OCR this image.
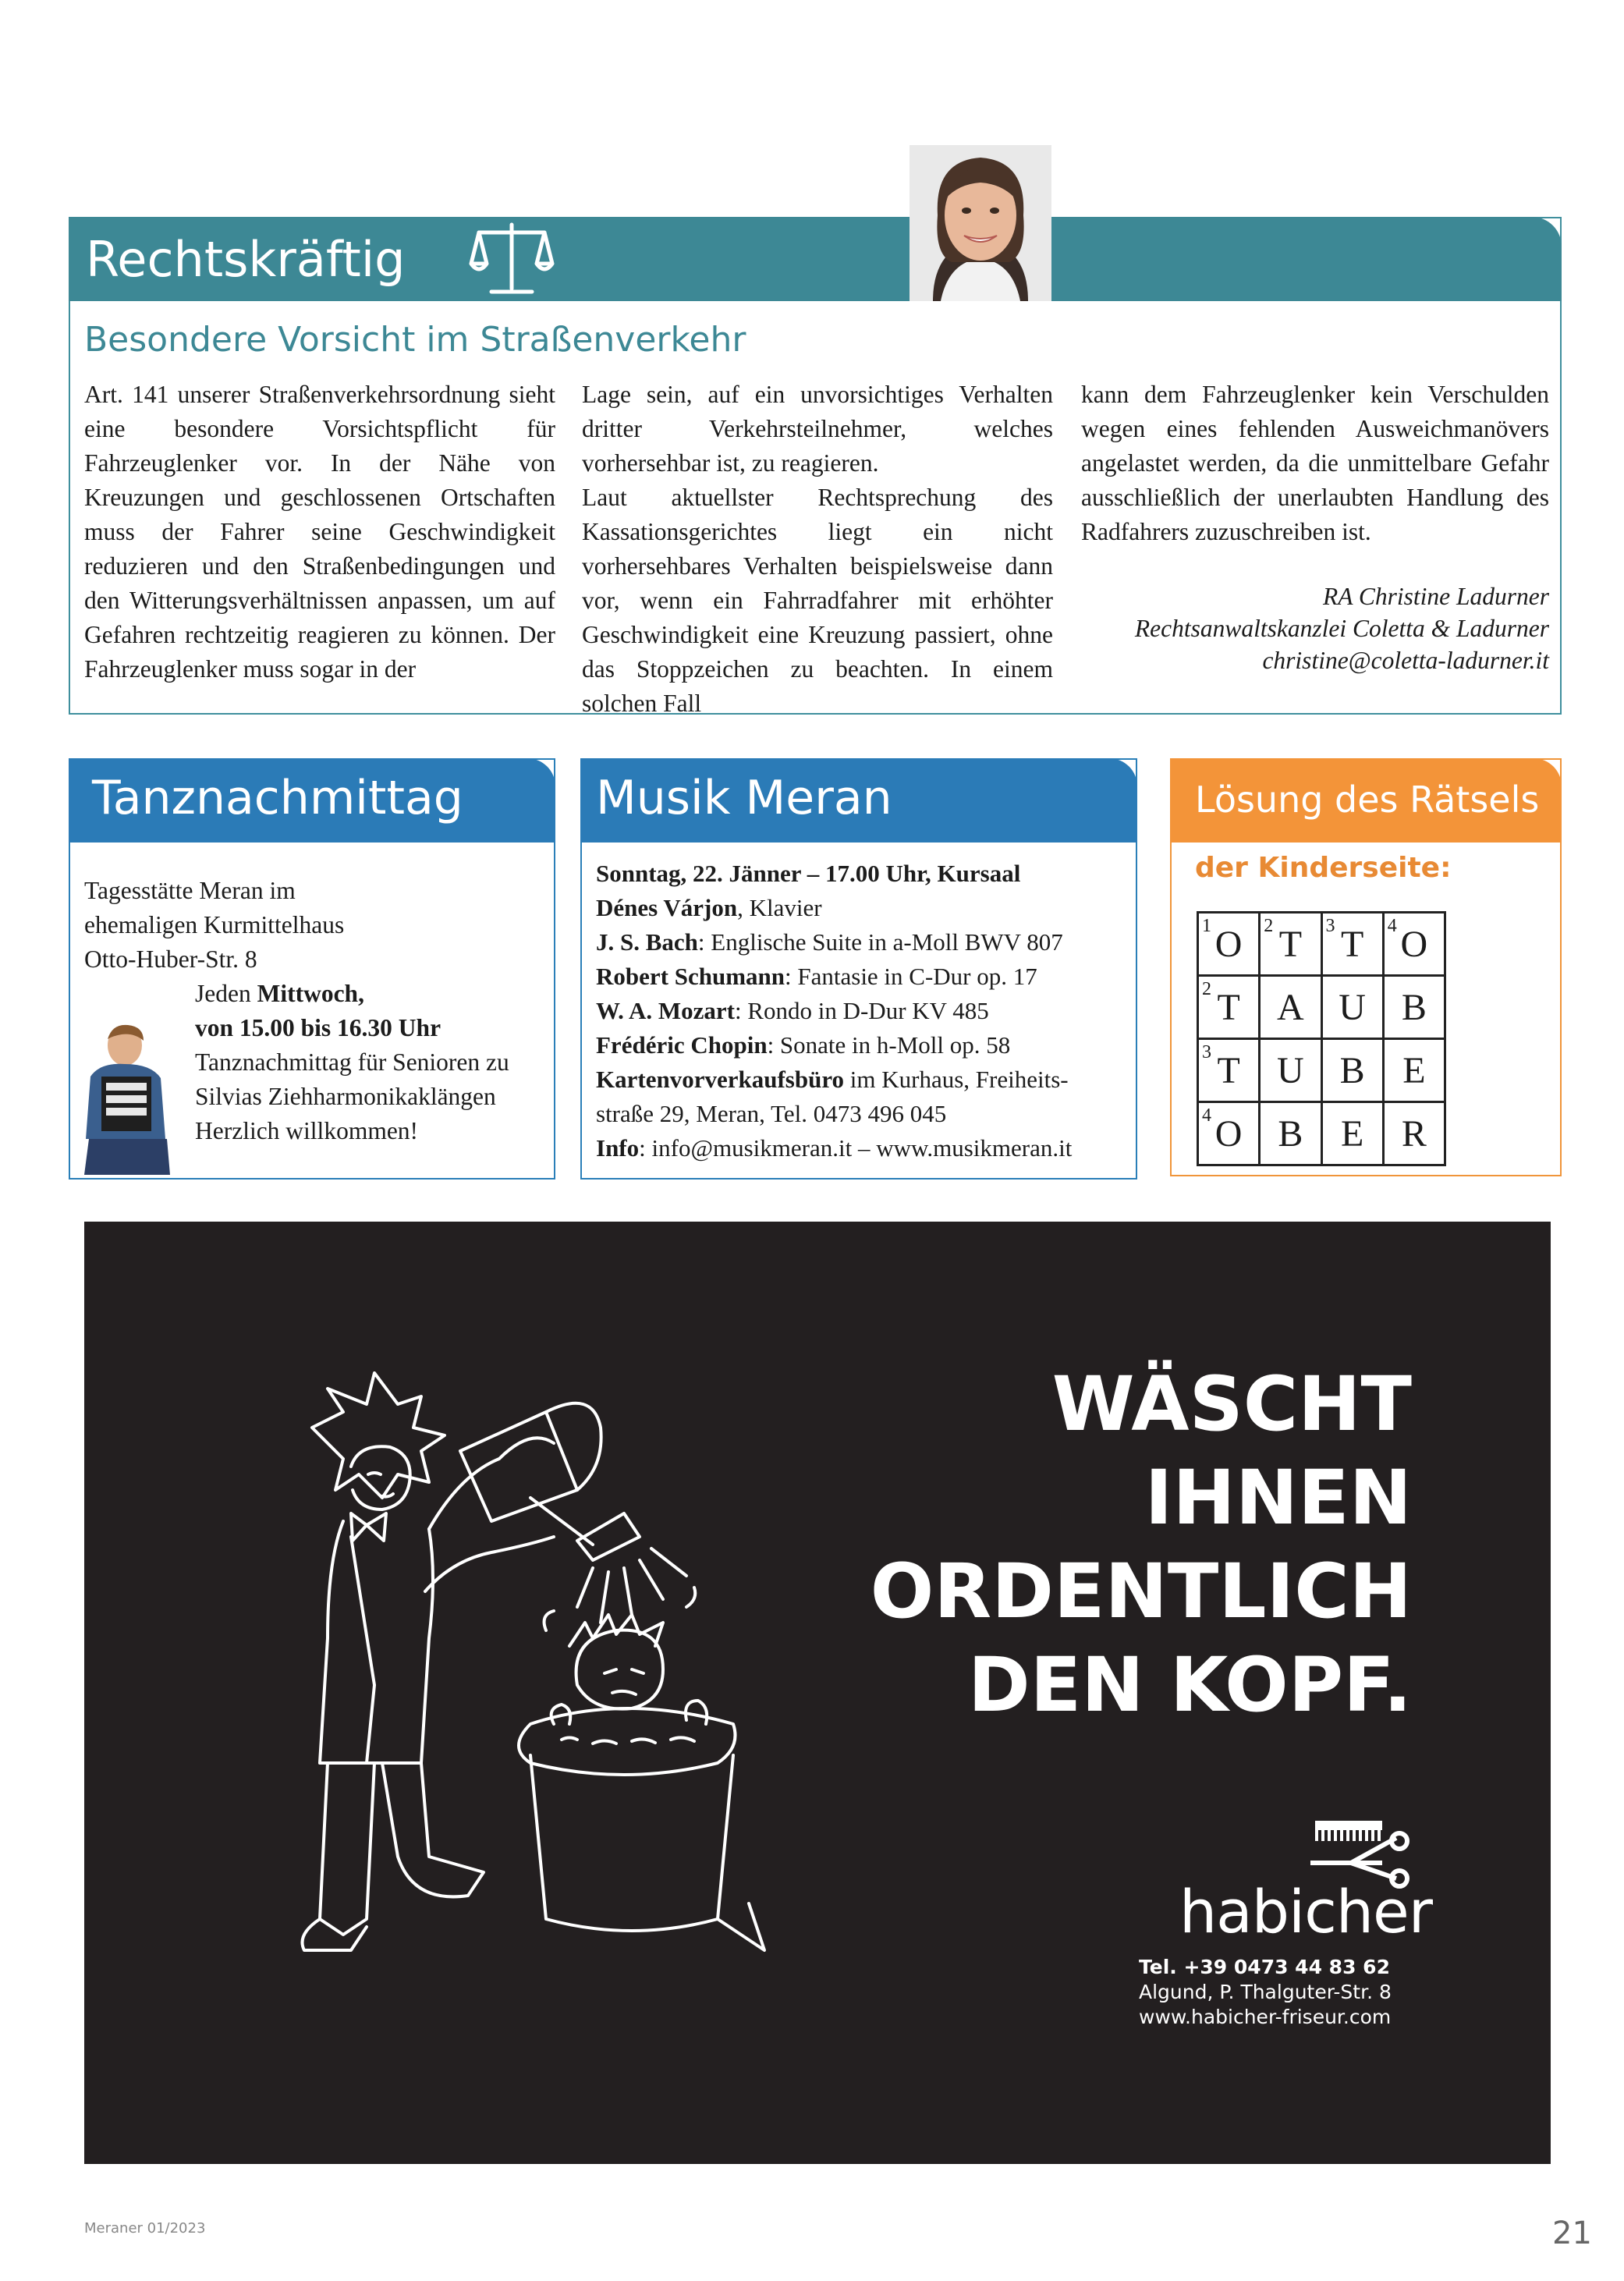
Rechtskräftig
Besondere Vorsicht im Straßenverkehr

Art. 141 unserer Straßenverkehrsordnung sieht eine besondere Vorsichtspflicht für Fahrzeuglenker vor. In der Nähe von Kreuzungen und geschlossenen Ortschaften muss der Fahrer seine Geschwindigkeit reduzieren und den Straßenbedingungen und den Witterungsverhältnissen anpassen, um auf Gefahren rechtzeitig reagieren zu können. Der Fahrzeuglenker muss sogar in der

Lage sein, auf ein unvorsichtiges Verhalten dritter Verkehrsteilnehmer, welches vorhersehbar ist, zu reagieren.

Laut aktuellster Rechtsprechung des Kassationsgerichtes liegt ein nicht vorhersehbares Verhalten beispielsweise dann vor, wenn ein Fahrradfahrer mit erhöhter Geschwindigkeit eine Kreuzung passiert, ohne das Stoppzeichen zu beachten. In einem solchen Fall

kann dem Fahrzeuglenker kein Verschulden wegen eines fehlenden Ausweichmanövers angelastet werden, da die unmittelbare Gefahr ausschließlich der unerlaubten Handlung des Radfahrers zuzuschreiben ist.

RA Christine Ladurner
Rechtsanwaltskanzlei Coletta & Ladurner
christine@coletta-ladurner.it
Tanznachmittag
Tagesstätte Meran im
ehemaligen Kurmittelhaus
Otto-Huber-Str. 8
Jeden Mittwoch,
von 15.00 bis 16.30 Uhr
Tanznachmittag für Senioren zu
Silvias Ziehharmonikaklängen
Herzlich willkommen!
Musik Meran
Sonntag, 22. Jänner – 17.00 Uhr, Kursaal
Dénes Várjon, Klavier
J. S. Bach: Englische Suite in a-Moll BWV 807
Robert Schumann: Fantasie in C-Dur op. 17
W. A. Mozart: Rondo in D-Dur KV 485
Frédéric Chopin: Sonate in h-Moll op. 58
Kartenvorverkaufsbüro im Kurhaus, Freiheits-
straße 29, Meran, Tel. 0473 496 045
Info: info@musikmeran.it – www.musikmeran.it
Lösung des Rätsels
der Kinderseite:
1 O	2 T	3 T	4 O

2 T	A	U	B

3 T	U	B	E

4 O	B	E	R
WÄSCHT
IHNEN
ORDENTLICH
DEN KOPF.
habicher
Tel. +39 0473 44 83 62
Algund, P. Thalguter-Str. 8
www.habicher-friseur.com
Meraner 01/2023	21
